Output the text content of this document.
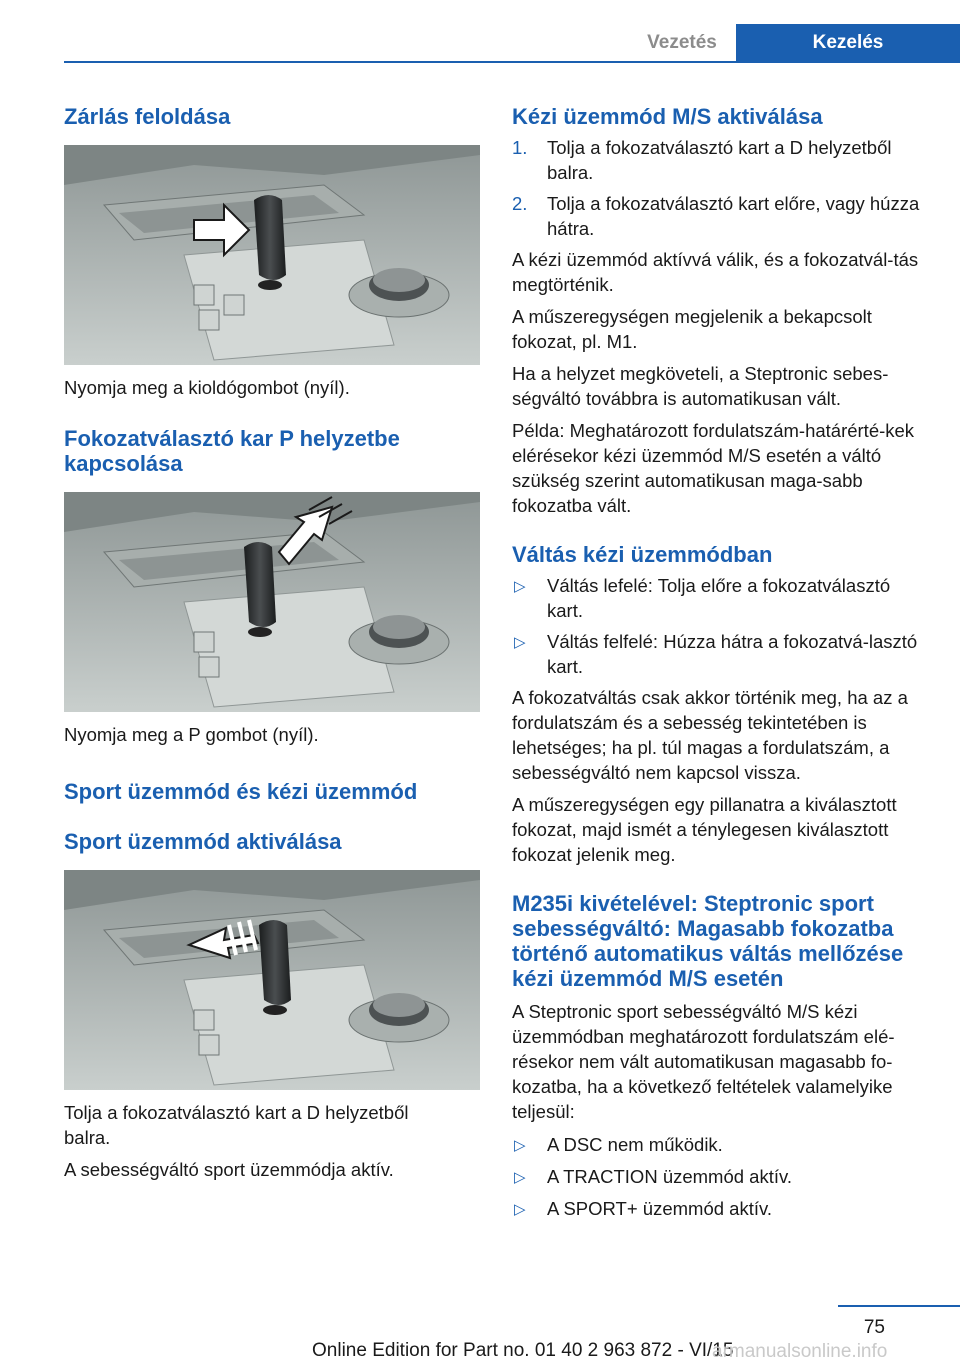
Vezetés	Kezelés
Zárlás feloldása

Nyomja meg a kioldógombot (nyíl).

Fokozatválasztó kar P helyzetbe kapcsolása

Nyomja meg a P gombot (nyíl).

Sport üzemmód és kézi üzemmód
Sport üzemmód aktiválása

Tolja a fokozatválasztó kart a D helyzetből balra.

A sebességváltó sport üzemmódja aktív.

Kézi üzemmód M/S aktiválása
1. Tolja a fokozatválasztó kart a D helyzetből balra.
2. Tolja a fokozatválasztó kart előre, vagy húzza hátra.

A kézi üzemmód aktívvá válik, és a fokozatvál‐tás megtörténik.

A műszeregységen megjelenik a bekapcsolt fokozat, pl. M1.

Ha a helyzet megköveteli, a Steptronic sebes‐ségváltó továbbra is automatikusan vált.

Példa: Meghatározott fordulatszám-határérté‐kek elérésekor kézi üzemmód M/S esetén a váltó szükség szerint automatikusan maga‐sabb fokozatba vált.

Váltás kézi üzemmódban
▷ Váltás lefelé: Tolja előre a fokozatválasztó kart.
▷ Váltás felfelé: Húzza hátra a fokozatvá‐lasztó kart.

A fokozatváltás csak akkor történik meg, ha az a fordulatszám és a sebesség tekintetében is lehetséges; ha pl. túl magas a fordulatszám, a sebességváltó nem kapcsol vissza.

A műszeregységen egy pillanatra a kiválasztott fokozat, majd ismét a ténylegesen kiválasztott fokozat jelenik meg.

M235i kivételével: Steptronic sport sebességváltó: Magasabb fokozatba történő automatikus váltás mellőzése kézi üzemmód M/S esetén

A Steptronic sport sebességváltó M/S kézi üzemmódban meghatározott fordulatszám elé‐résekor nem vált automatikusan magasabb fo‐kozatba, ha a következő feltételek valamelyike teljesül:

▷ A DSC nem működik.
▷ A TRACTION üzemmód aktív.
▷ A SPORT+ üzemmód aktív.
75
Online Edition for Part no. 01 40 2 963 872 - VI/15
armanualsonline.info
